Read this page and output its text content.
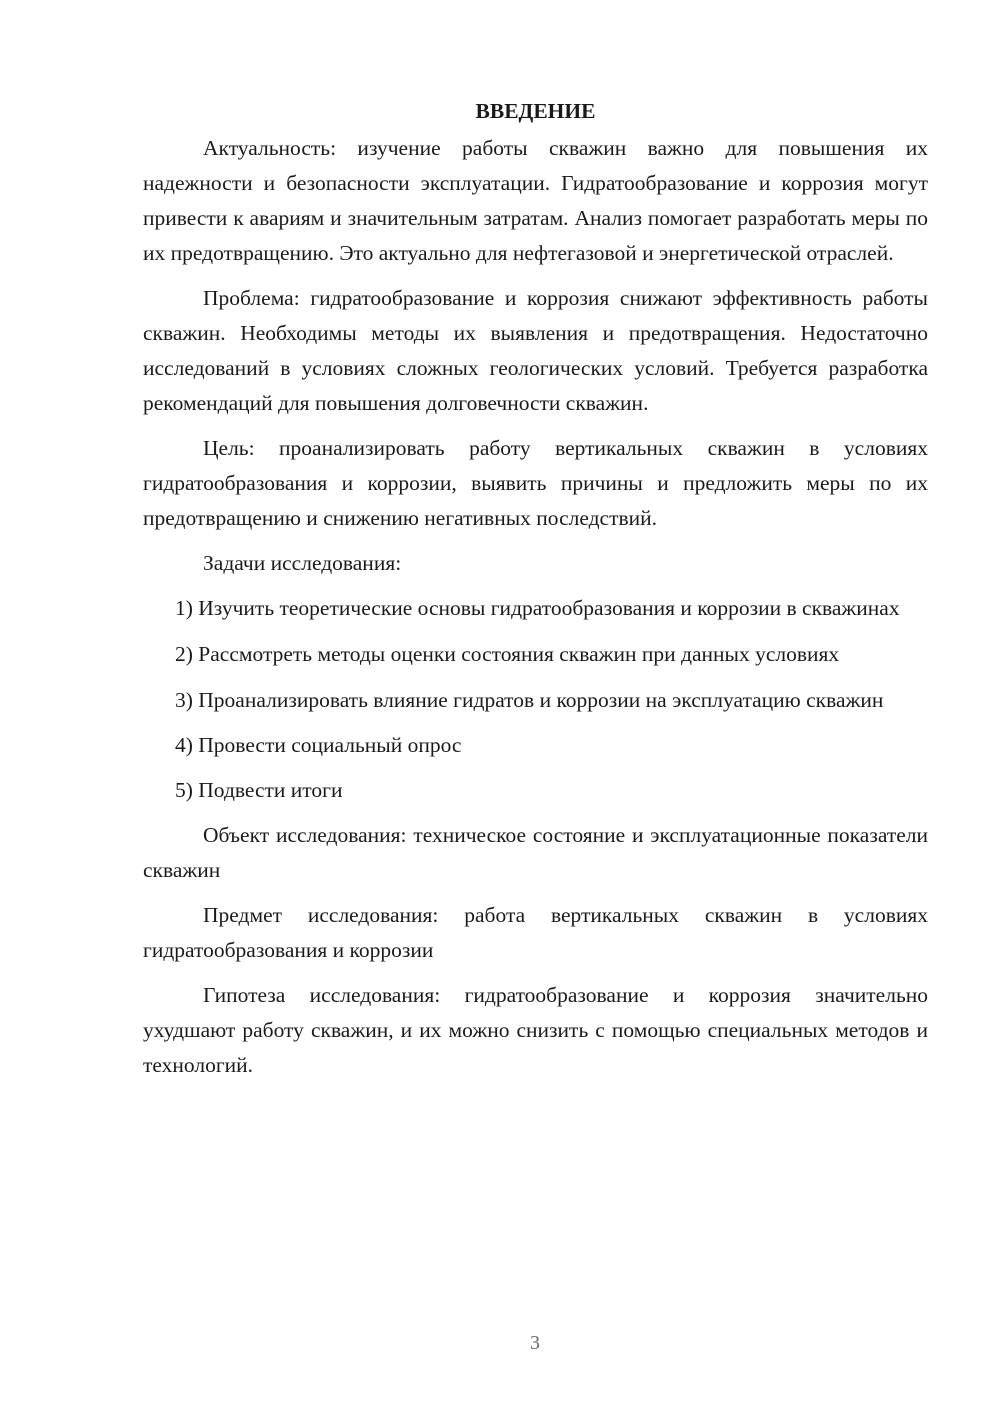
ВВЕДЕНИЕ

Актуальность: изучение работы скважин важно для повышения их надежности и безопасности эксплуатации. Гидратообразование и коррозия могут привести к авариям и значительным затратам. Анализ помогает разработать меры по их предотвращению. Это актуально для нефтегазовой и энергетической отраслей.

Проблема: гидратообразование и коррозия снижают эффективность работы скважин. Необходимы методы их выявления и предотвращения. Недостаточно исследований в условиях сложных геологических условий. Требуется разработка рекомендаций для повышения долговечности скважин.

Цель: проанализировать работу вертикальных скважин в условиях гидратообразования и коррозии, выявить причины и предложить меры по их предотвращению и снижению негативных последствий.

Задачи исследования:

1) Изучить теоретические основы гидратообразования и коррозии в скважинах

2) Рассмотреть методы оценки состояния скважин при данных условиях

3) Проанализировать влияние гидратов и коррозии на эксплуатацию скважин

4) Провести социальный опрос

5) Подвести итоги

Объект исследования: техническое состояние и эксплуатационные показатели скважин

Предмет исследования: работа вертикальных скважин в условиях гидратообразования и коррозии

Гипотеза исследования: гидратообразование и коррозия значительно ухудшают работу скважин, и их можно снизить с помощью специальных методов и технологий.

3
